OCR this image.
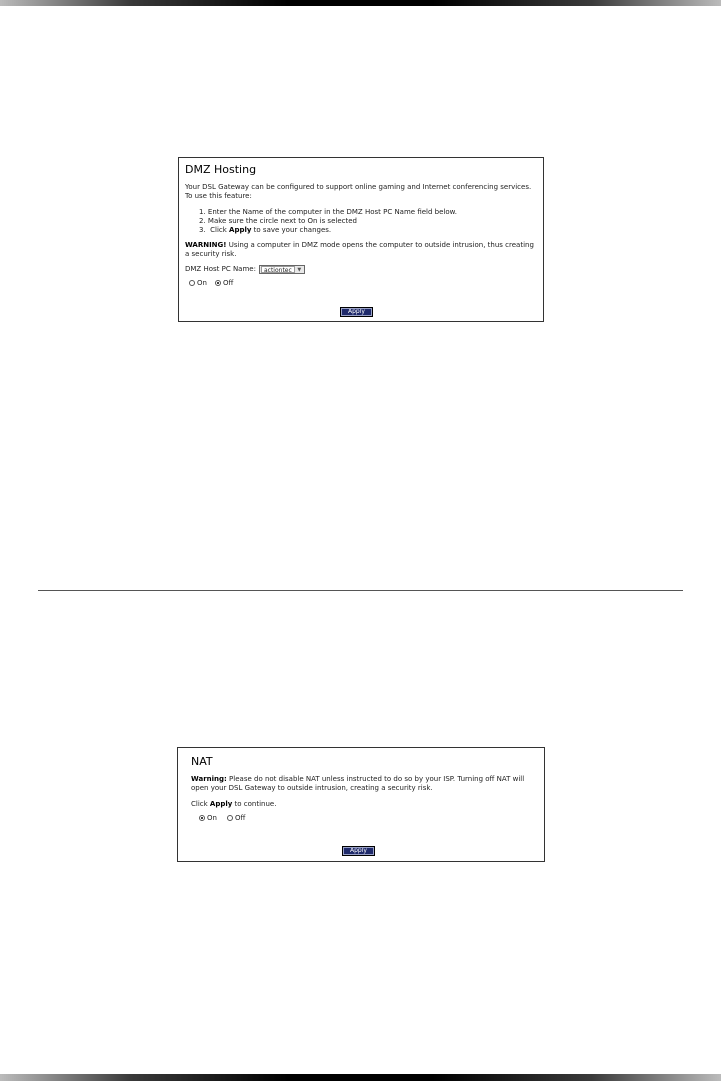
DMZ Hosting
Your DSL Gateway can be configured to support online gaming and Internet conferencing services. To use this feature:
1. Enter the Name of the computer in the DMZ Host PC Name field below.
2. Make sure the circle next to On is selected
3.  Click Apply to save your changes.
WARNING! Using a computer in DMZ mode opens the computer to outside intrusion, thus creating a security risk.
DMZ Host PC Name:	actiontec	▼
On Off
Apply
NAT
Warning: Please do not disable NAT unless instructed to do so by your ISP. Turning off NAT will open your DSL Gateway to outside intrusion, creating a security risk.
Click Apply to continue.
On	Off
Apply
